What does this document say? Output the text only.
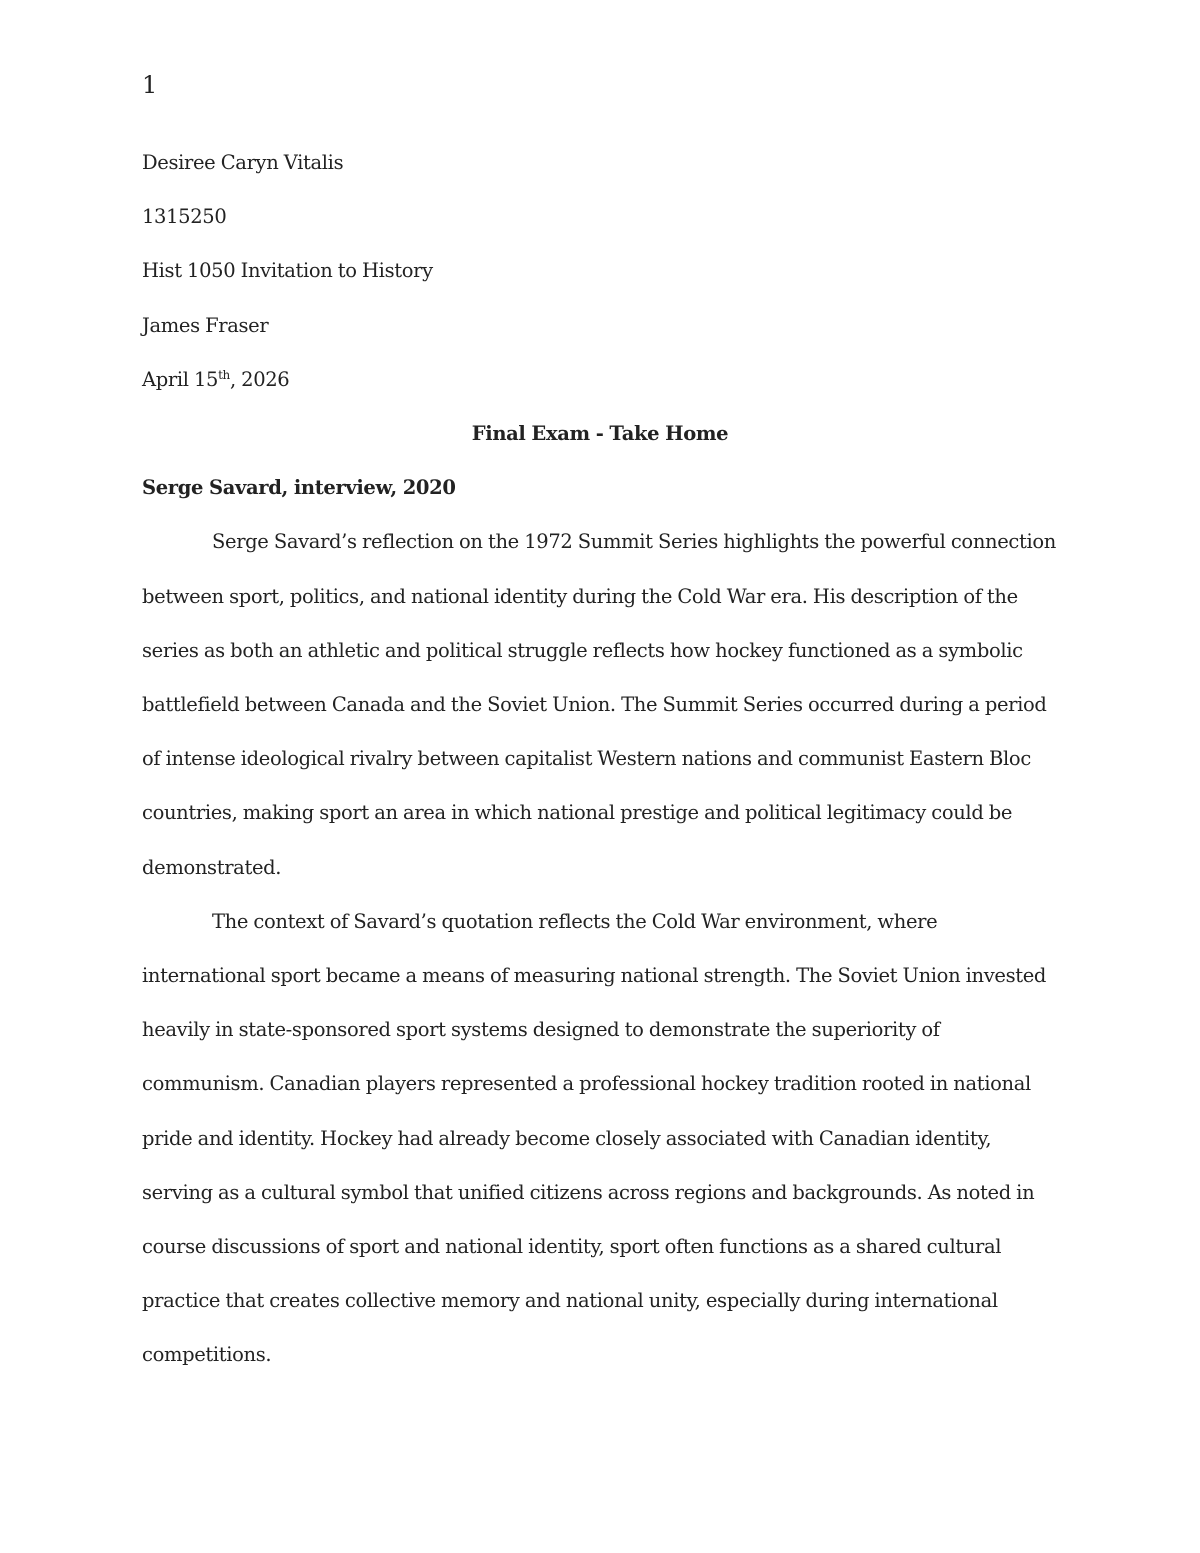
1

Desiree Caryn Vitalis

1315250

Hist 1050 Invitation to History

James Fraser

April 15th, 2026

Final Exam - Take Home

Serge Savard, interview, 2020

Serge Savard’s reflection on the 1972 Summit Series highlights the powerful connection between sport, politics, and national identity during the Cold War era. His description of the series as both an athletic and political struggle reflects how hockey functioned as a symbolic battlefield between Canada and the Soviet Union. The Summit Series occurred during a period of intense ideological rivalry between capitalist Western nations and communist Eastern Bloc countries, making sport an area in which national prestige and political legitimacy could be demonstrated.

The context of Savard’s quotation reflects the Cold War environment, where international sport became a means of measuring national strength. The Soviet Union invested heavily in state-sponsored sport systems designed to demonstrate the superiority of communism. Canadian players represented a professional hockey tradition rooted in national pride and identity. Hockey had already become closely associated with Canadian identity, serving as a cultural symbol that unified citizens across regions and backgrounds. As noted in course discussions of sport and national identity, sport often functions as a shared cultural practice that creates collective memory and national unity, especially during international competitions.
